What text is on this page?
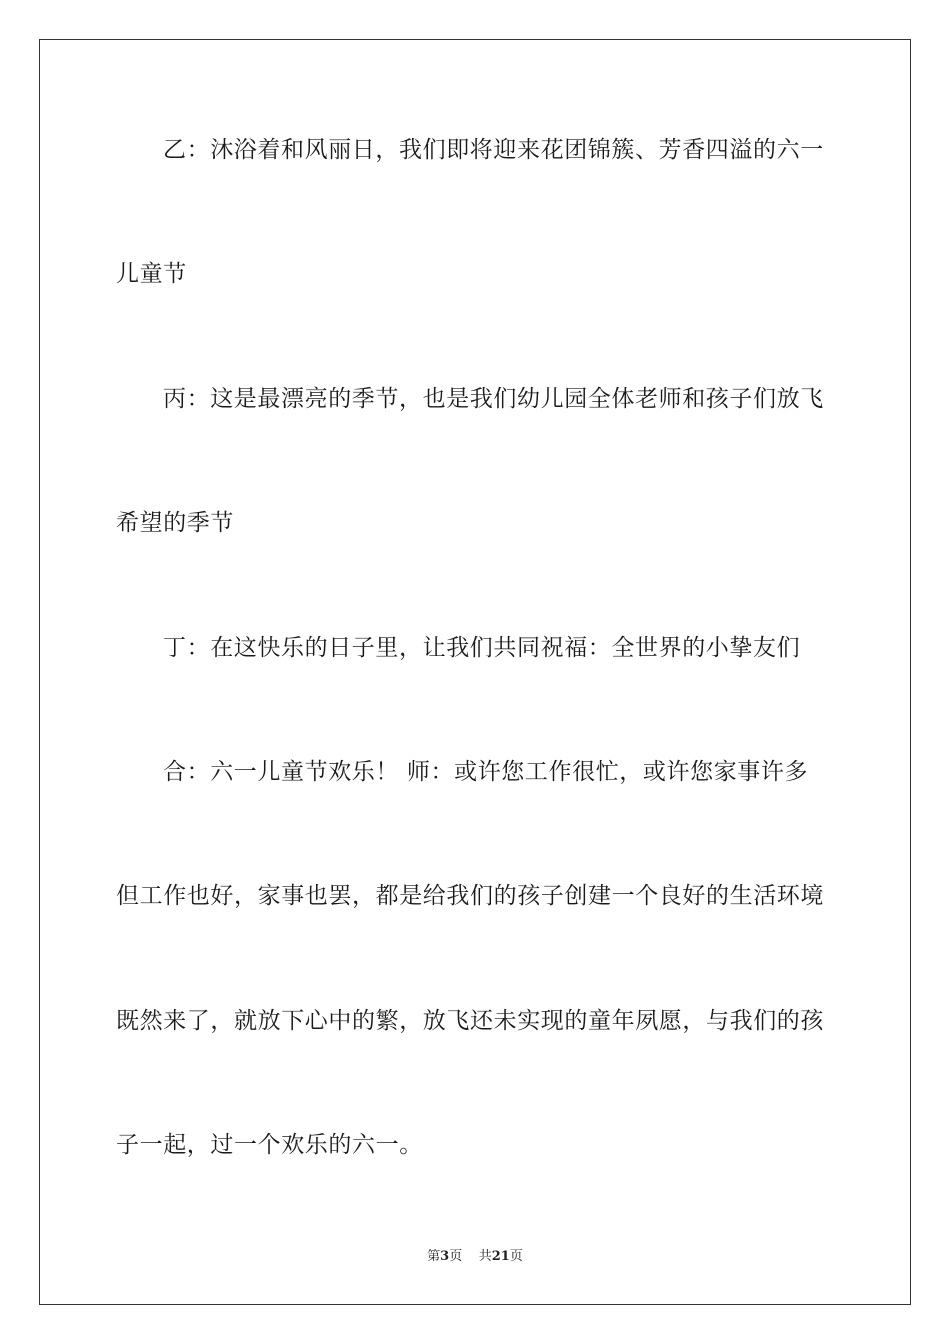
乙：沐浴着和风丽日，我们即将迎来花团锦簇、芳香四溢的六一
儿童节
丙：这是最漂亮的季节，也是我们幼儿园全体老师和孩子们放飞
希望的季节
丁：在这快乐的日子里，让我们共同祝福：全世界的小挚友们
合：六一儿童节欢乐！ 师：或许您工作很忙，或许您家事许多
但工作也好，家事也罢，都是给我们的孩子创建一个良好的生活环境
既然来了，就放下心中的繁，放飞还未实现的童年夙愿，与我们的孩
子一起，过一个欢乐的六一。
第3页 共21页
